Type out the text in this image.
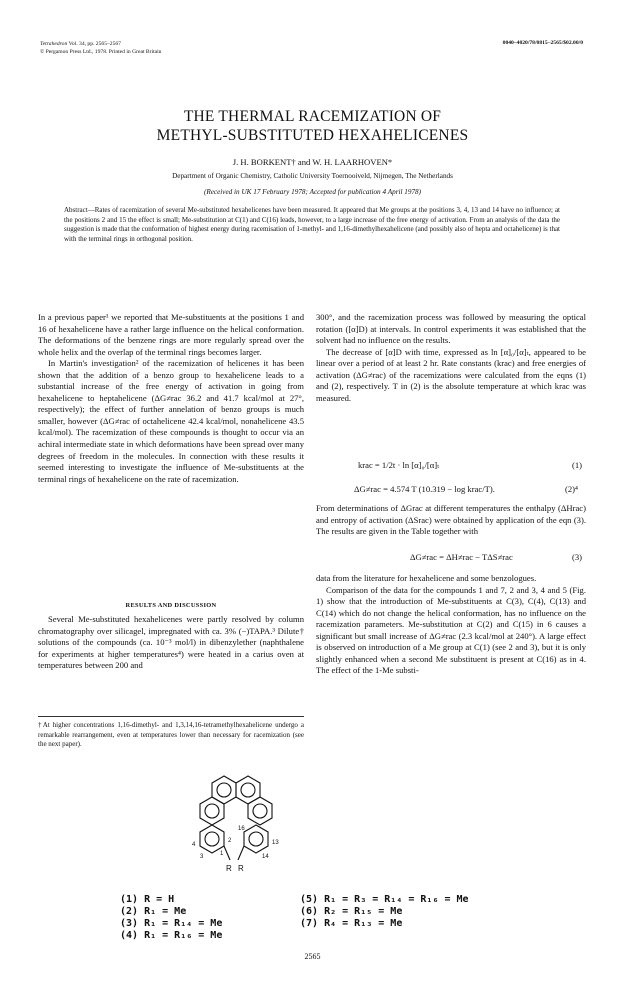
Tetrahedron Vol. 34, pp. 2565–2567
© Pergamon Press Ltd., 1978. Printed in Great Britain
0040–4020/78/0815–2565/$02.00/0
THE THERMAL RACEMIZATION OF
METHYL-SUBSTITUTED HEXAHELICENES
J. H. BORKENT† and W. H. LAARHOVEN*
Department of Organic Chemistry, Catholic University Toernooiveld, Nijmegen, The Netherlands
(Received in UK 17 February 1978; Accepted for publication 4 April 1978)
Abstract—Rates of racemization of several Me-substituted hexahelicenes have been measured. It appeared that Me groups at the positions 3, 4, 13 and 14 have no influence; at the positions 2 and 15 the effect is small; Me-substitution at C(1) and C(16) leads, however, to a large increase of the free energy of activation. From an analysis of the data the suggestion is made that the conformation of highest energy during racemisation of 1-methyl- and 1,16-dimethylhexahelicene (and possibly also of hepta and octahelicene) is that with the terminal rings in orthogonal position.

In a previous paper¹ we reported that Me-substituents at the positions 1 and 16 of hexahelicene have a rather large influence on the helical conformation. The deformations of the benzene rings are more regularly spread over the whole helix and the overlap of the terminal rings becomes larger.

In Martin's investigation² of the racemization of helicenes it has been shown that the addition of a benzo group to hexahelicene leads to a substantial increase of the free energy of activation in going from hexahelicene to heptahelicene (ΔG≠rac 36.2 and 41.7 kcal/mol at 27°, respectively); the effect of further annelation of benzo groups is much smaller, however (ΔG≠rac of octahelicene 42.4 kcal/mol, nonahelicene 43.5 kcal/mol). The racemization of these compounds is thought to occur via an achiral intermediate state in which deformations have been spread over many degrees of freedom in the molecules. In connection with these results it seemed interesting to investigate the influence of Me-substituents at the terminal rings of hexahelicene on the rate of racemization.

RESULTS AND DISCUSSION

Several Me-substituted hexahelicenes were partly resolved by column chromatography over silicagel, impregnated with ca. 3% (−)TAPA.³ Dilute† solutions of the compounds (ca. 10⁻³ mol/l) in dibenzylether (naphthalene for experiments at higher temperatures⁴) were heated in a carius oven at temperatures between 200 and

†At higher concentrations 1,16-dimethyl- and 1,3,14,16-tetramethylhexahelicene undergo a remarkable rearrangement, even at temperatures lower than necessary for racemization (see the next paper).

300°, and the racemization process was followed by measuring the optical rotation ([α]D) at intervals. In control experiments it was established that the solvent had no influence on the results.

The decrease of [α]D with time, expressed as ln [α]₀/[α]ₜ, appeared to be linear over a period of at least 2 hr. Rate constants (krac) and free energies of activation (ΔG≠rac) of the racemizations were calculated from the eqns (1) and (2), respectively. T in (2) is the absolute temperature at which krac was measured.

krac = 1/2t · ln [α]₀/[α]ₜ	(1)
ΔG≠rac = 4.574 T (10.319 − log krac/T).	(2)⁴

From determinations of ΔGrac at different temperatures the enthalpy (ΔHrac) and entropy of activation (ΔSrac) were obtained by application of the eqn (3). The results are given in the Table together with

ΔG≠rac = ΔH≠rac − TΔS≠rac	(3)

data from the literature for hexahelicene and some benzologues.

Comparison of the data for the compounds 1 and 7, 2 and 3, 4 and 5 (Fig. 1) show that the introduction of Me-substituents at C(3), C(4), C(13) and C(14) which do not change the helical conformation, has no influence on the racemization parameters. Me-substitution at C(2) and C(15) in 6 causes a significant but small increase of ΔG≠rac (2.3 kcal/mol at 240°). A large effect is observed on introduction of a Me group at C(1) (see 2 and 3), but it is only slightly enhanced when a second Me substituent is present at C(16) as in 4. The effect of the 1-Me substi-

16
2
1
4
3
13
14
R R
(1) R = H
(2) R₁ = Me
(3) R₁ = R₁₄ = Me
(4) R₁ = R₁₆ = Me
(5) R₁ = R₃ = R₁₄ = R₁₆ = Me
(6) R₂ = R₁₅ = Me
(7) R₄ = R₁₃ = Me
2565
